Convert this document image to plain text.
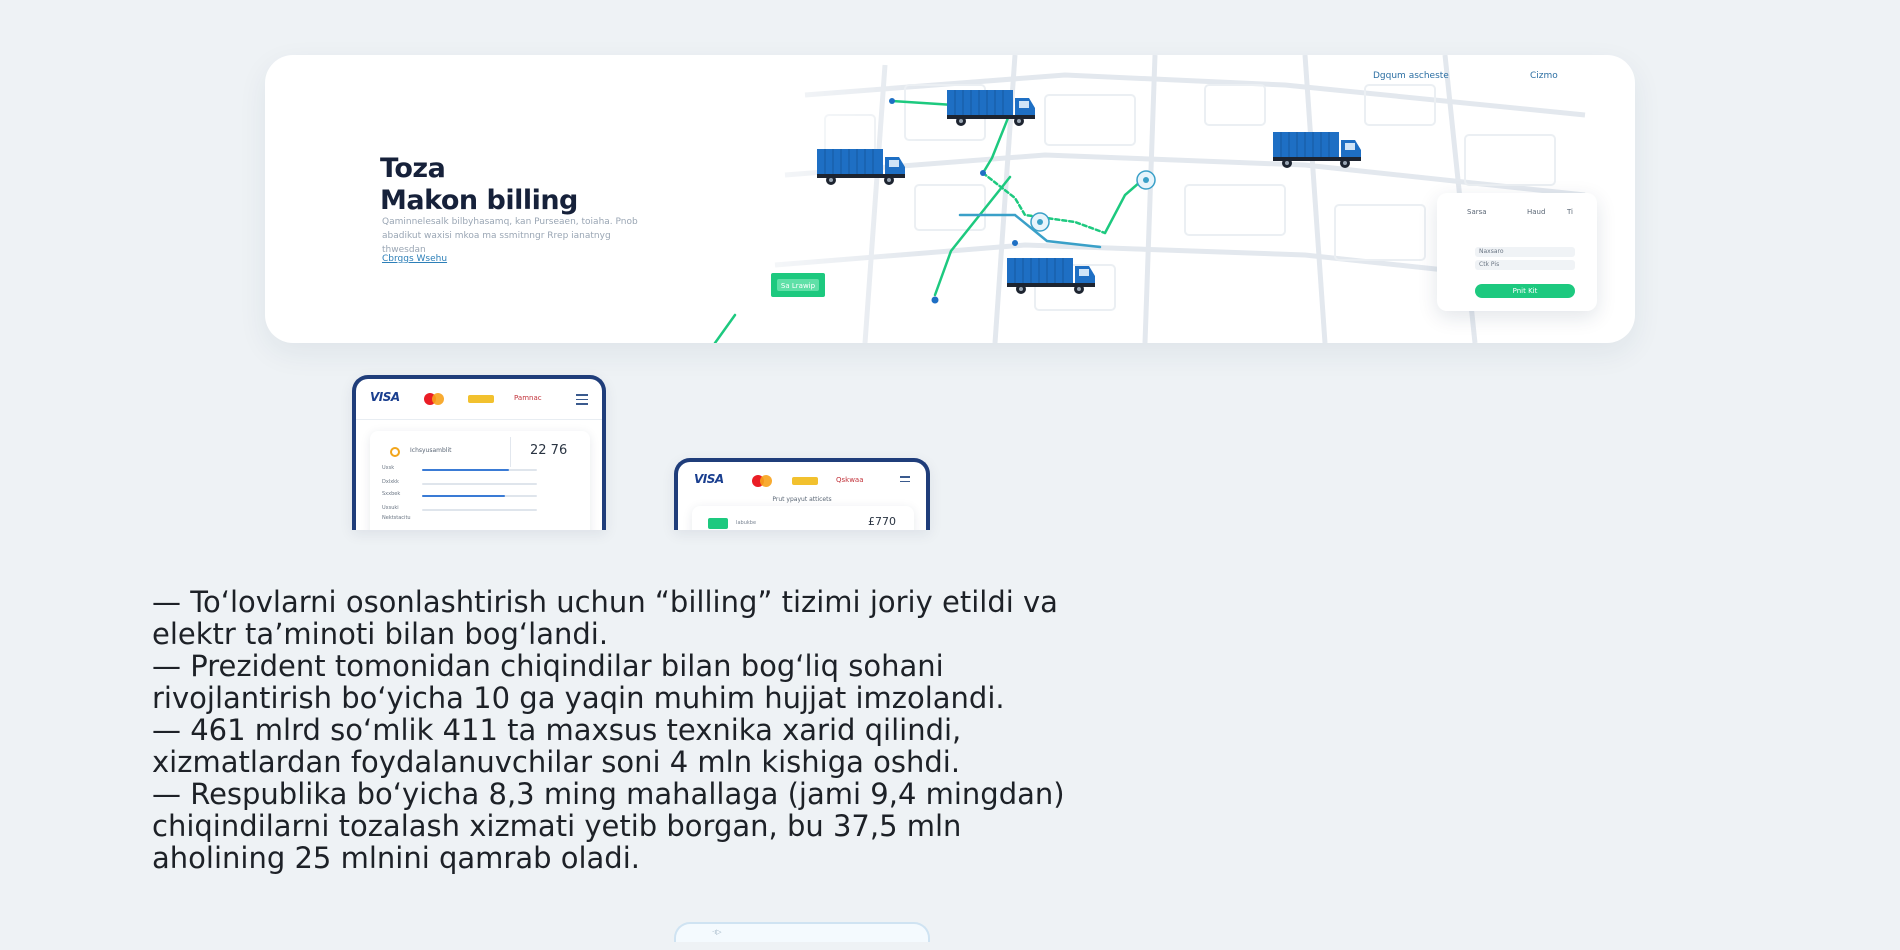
Sa Lrawip
Toza
Makon billing
Qaminnelesalk bilbyhasamq, kan Purseaen, toiaha. Pnob abadikut waxisi mkoa ma ssmitnngr Rrep ianatnyg thwesdan
Cbrggs Wsehu
Dgqum ascheste	Cizmo
Sarsa	Haud	Ti
Naxsaro
Ctk Pis
Pnit Kit
VISA	Pamnac
Ichsyusamblit	22 76
Uxsk
Dxlxkk
Sxxbek
Uxsuki
Nektstacitu
VISA	Qskwaa
Prut ypayut atticets
Iabukbe	£770
·ı▷

— To‘lovlarni osonlashtirish uchun “billing” tizimi joriy etildi va

elektr ta’minoti bilan bog‘landi.

— Prezident tomonidan chiqindilar bilan bog‘liq sohani

rivojlantirish bo‘yicha 10 ga yaqin muhim hujjat imzolandi.

— 461 mlrd so‘mlik 411 ta maxsus texnika xarid qilindi,

xizmatlardan foydalanuvchilar soni 4 mln kishiga oshdi.

— Respublika bo‘yicha 8,3 ming mahallaga (jami 9,4 mingdan)

chiqindilarni tozalash xizmati yetib borgan, bu 37,5 mln

aholining 25 mlnini qamrab oladi.
